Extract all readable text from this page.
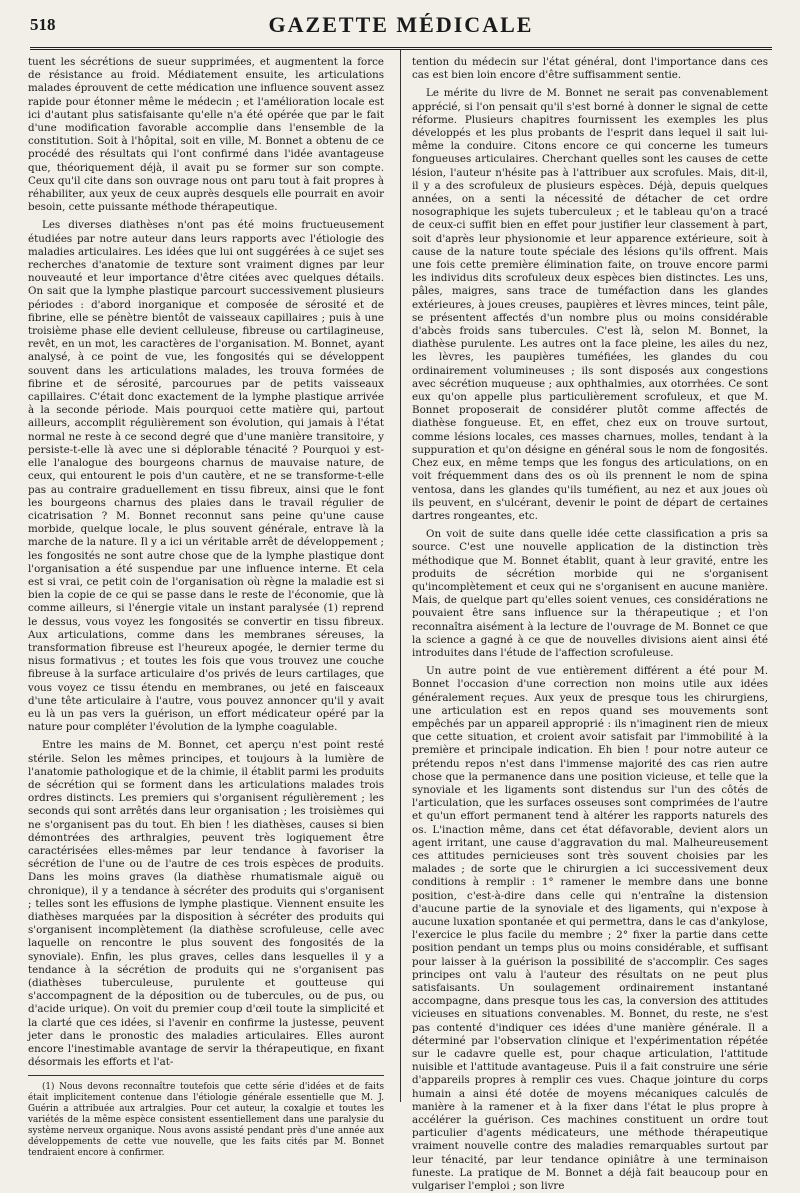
518	GAZETTE MÉDICALE

tuent les sécrétions de sueur supprimées, et augmentent la force de résistance au froid. Médiatement ensuite, les articulations malades éprouvent de cette médication une influence souvent assez rapide pour étonner même le médecin ; et l'amélioration locale est ici d'autant plus satisfaisante qu'elle n'a été opérée que par le fait d'une modification favorable accomplie dans l'ensemble de la constitution. Soit à l'hôpital, soit en ville, M. Bonnet a obtenu de ce procédé des résultats qui l'ont confirmé dans l'idée avantageuse que, théoriquement déjà, il avait pu se former sur son compte. Ceux qu'il cite dans son ouvrage nous ont paru tout à fait propres à réhabiliter, aux yeux de ceux auprès desquels elle pourrait en avoir besoin, cette puissante méthode thérapeutique.

Les diverses diathèses n'ont pas été moins fructueusement étudiées par notre auteur dans leurs rapports avec l'étiologie des maladies articulaires. Les idées que lui ont suggérées à ce sujet ses recherches d'anatomie de texture sont vraiment dignes par leur nouveauté et leur importance d'être citées avec quelques détails. On sait que la lymphe plastique parcourt successivement plusieurs périodes : d'abord inorganique et composée de sérosité et de fibrine, elle se pénètre bientôt de vaisseaux capillaires ; puis à une troisième phase elle devient celluleuse, fibreuse ou cartilagineuse, revêt, en un mot, les caractères de l'organisation. M. Bonnet, ayant analysé, à ce point de vue, les fongosités qui se développent souvent dans les articulations malades, les trouva formées de fibrine et de sérosité, parcourues par de petits vaisseaux capillaires. C'était donc exactement de la lymphe plastique arrivée à la seconde période. Mais pourquoi cette matière qui, partout ailleurs, accomplit régulièrement son évolution, qui jamais à l'état normal ne reste à ce second degré que d'une manière transitoire, y persiste-t-elle là avec une si déplorable ténacité ? Pourquoi y est-elle l'analogue des bourgeons charnus de mauvaise nature, de ceux, qui entourent le pois d'un cautère, et ne se transforme-t-elle pas au contraire graduellement en tissu fibreux, ainsi que le font les bourgeons charnus des plaies dans le travail régulier de cicatrisation ? M. Bonnet reconnut sans peine qu'une cause morbide, quelque locale, le plus souvent générale, entrave là la marche de la nature. Il y a ici un véritable arrêt de développement ; les fongosités ne sont autre chose que de la lymphe plastique dont l'organisation a été suspendue par une influence interne. Et cela est si vrai, ce petit coin de l'organisation où règne la maladie est si bien la copie de ce qui se passe dans le reste de l'économie, que là comme ailleurs, si l'énergie vitale un instant paralysée (1) reprend le dessus, vous voyez les fongosités se convertir en tissu fibreux. Aux articulations, comme dans les membranes séreuses, la transformation fibreuse est l'heureux apogée, le dernier terme du nisus formativus ; et toutes les fois que vous trouvez une couche fibreuse à la surface articulaire d'os privés de leurs cartilages, que vous voyez ce tissu étendu en membranes, ou jeté en faisceaux d'une tête articulaire à l'autre, vous pouvez annoncer qu'il y avait eu là un pas vers la guérison, un effort médicateur opéré par la nature pour compléter l'évolution de la lymphe coagulable.

Entre les mains de M. Bonnet, cet aperçu n'est point resté stérile. Selon les mêmes principes, et toujours à la lumière de l'anatomie pathologique et de la chimie, il établit parmi les produits de sécrétion qui se forment dans les articulations malades trois ordres distincts. Les premiers qui s'organisent régulièrement ; les seconds qui sont arrêtés dans leur organisation ; les troisièmes qui ne s'organisent pas du tout. Eh bien ! les diathèses, causes si bien démontrées des arthralgies, peuvent très logiquement être caractérisées elles-mêmes par leur tendance à favoriser la sécrétion de l'une ou de l'autre de ces trois espèces de produits. Dans les moins graves (la diathèse rhumatismale aiguë ou chronique), il y a tendance à sécréter des produits qui s'organisent ; telles sont les effusions de lymphe plastique. Viennent ensuite les diathèses marquées par la disposition à sécréter des produits qui s'organisent incomplètement (la diathèse scrofuleuse, celle avec laquelle on rencontre le plus souvent des fongosités de la synoviale). Enfin, les plus graves, celles dans lesquelles il y a tendance à la sécrétion de produits qui ne s'organisent pas (diathèses tuberculeuse, purulente et goutteuse qui s'accompagnent de la déposition ou de tubercules, ou de pus, ou d'acide urique). On voit du premier coup d'œil toute la simplicité et la clarté que ces idées, si l'avenir en confirme la justesse, peuvent jeter dans le pronostic des maladies articulaires. Elles auront encore l'inestimable avantage de servir la thérapeutique, en fixant désormais les efforts et l'at-

(1) Nous devons reconnaître toutefois que cette série d'idées et de faits était implicitement contenue dans l'étiologie générale essentielle que M. J. Guérin a attribuée aux artralgies. Pour cet auteur, la coxalgie et toutes les variétés de la même espèce consistent essentiellement dans une paralysie du système nerveux organique. Nous avons assisté pendant près d'une année aux développements de cette vue nouvelle, que les faits cités par M. Bonnet tendraient encore à confirmer.

tention du médecin sur l'état général, dont l'importance dans ces cas est bien loin encore d'être suffisamment sentie.

Le mérite du livre de M. Bonnet ne serait pas convenablement apprécié, si l'on pensait qu'il s'est borné à donner le signal de cette réforme. Plusieurs chapitres fournissent les exemples les plus développés et les plus probants de l'esprit dans lequel il sait lui-même la conduire. Citons encore ce qui concerne les tumeurs fongueuses articulaires. Cherchant quelles sont les causes de cette lésion, l'auteur n'hésite pas à l'attribuer aux scrofules. Mais, dit-il, il y a des scrofuleux de plusieurs espèces. Déjà, depuis quelques années, on a senti la nécessité de détacher de cet ordre nosographique les sujets tuberculeux ; et le tableau qu'on a tracé de ceux-ci suffit bien en effet pour justifier leur classement à part, soit d'après leur physionomie et leur apparence extérieure, soit à cause de la nature toute spéciale des lésions qu'ils offrent. Mais une fois cette première élimination faite, on trouve encore parmi les individus dits scrofuleux deux espèces bien distinctes. Les uns, pâles, maigres, sans trace de tuméfaction dans les glandes extérieures, à joues creuses, paupières et lèvres minces, teint pâle, se présentent affectés d'un nombre plus ou moins considérable d'abcès froids sans tubercules. C'est là, selon M. Bonnet, la diathèse purulente. Les autres ont la face pleine, les ailes du nez, les lèvres, les paupières tuméfiées, les glandes du cou ordinairement volumineuses ; ils sont disposés aux congestions avec sécrétion muqueuse ; aux ophthalmies, aux otorrhées. Ce sont eux qu'on appelle plus particulièrement scrofuleux, et que M. Bonnet proposerait de considérer plutôt comme affectés de diathèse fongueuse. Et, en effet, chez eux on trouve surtout, comme lésions locales, ces masses charnues, molles, tendant à la suppuration et qu'on désigne en général sous le nom de fongosités. Chez eux, en même temps que les fongus des articulations, on en voit fréquemment dans des os où ils prennent le nom de spina ventosa, dans les glandes qu'ils tuméfient, au nez et aux joues où ils peuvent, en s'ulcérant, devenir le point de départ de certaines dartres rongeantes, etc.

On voit de suite dans quelle idée cette classification a pris sa source. C'est une nouvelle application de la distinction très méthodique que M. Bonnet établit, quant à leur gravité, entre les produits de sécrétion morbide qui ne s'organisent qu'incomplètement et ceux qui ne s'organisent en aucune manière. Mais, de quelque part qu'elles soient venues, ces considérations ne pouvaient être sans influence sur la thérapeutique ; et l'on reconnaîtra aisément à la lecture de l'ouvrage de M. Bonnet ce que la science a gagné à ce que de nouvelles divisions aient ainsi été introduites dans l'étude de l'affection scrofuleuse.

Un autre point de vue entièrement différent a été pour M. Bonnet l'occasion d'une correction non moins utile aux idées généralement reçues. Aux yeux de presque tous les chirurgiens, une articulation est en repos quand ses mouvements sont empêchés par un appareil approprié : ils n'imaginent rien de mieux que cette situation, et croient avoir satisfait par l'immobilité à la première et principale indication. Eh bien ! pour notre auteur ce prétendu repos n'est dans l'immense majorité des cas rien autre chose que la permanence dans une position vicieuse, et telle que la synoviale et les ligaments sont distendus sur l'un des côtés de l'articulation, que les surfaces osseuses sont comprimées de l'autre et qu'un effort permanent tend à altérer les rapports naturels des os. L'inaction même, dans cet état défavorable, devient alors un agent irritant, une cause d'aggravation du mal. Malheureusement ces attitudes pernicieuses sont très souvent choisies par les malades ; de sorte que le chirurgien a ici successivement deux conditions à remplir : 1° ramener le membre dans une bonne position, c'est-à-dire dans celle qui n'entraîne la distension d'aucune partie de la synoviale et des ligaments, qui n'expose à aucune luxation spontanée et qui permettra, dans le cas d'ankylose, l'exercice le plus facile du membre ; 2° fixer la partie dans cette position pendant un temps plus ou moins considérable, et suffisant pour laisser à la guérison la possibilité de s'accomplir. Ces sages principes ont valu à l'auteur des résultats on ne peut plus satisfaisants. Un soulagement ordinairement instantané accompagne, dans presque tous les cas, la conversion des attitudes vicieuses en situations convenables. M. Bonnet, du reste, ne s'est pas contenté d'indiquer ces idées d'une manière générale. Il a déterminé par l'observation clinique et l'expérimentation répétée sur le cadavre quelle est, pour chaque articulation, l'attitude nuisible et l'attitude avantageuse. Puis il a fait construire une série d'appareils propres à remplir ces vues. Chaque jointure du corps humain a ainsi été dotée de moyens mécaniques calculés de manière à la ramener et à la fixer dans l'état le plus propre à accélérer la guérison. Ces machines constituent un ordre tout particulier d'agents médicateurs, une méthode thérapeutique vraiment nouvelle contre des maladies remarquables surtout par leur ténacité, par leur tendance opiniâtre à une terminaison funeste. La pratique de M. Bonnet a déjà fait beaucoup pour en vulgariser l'emploi ; son livre
